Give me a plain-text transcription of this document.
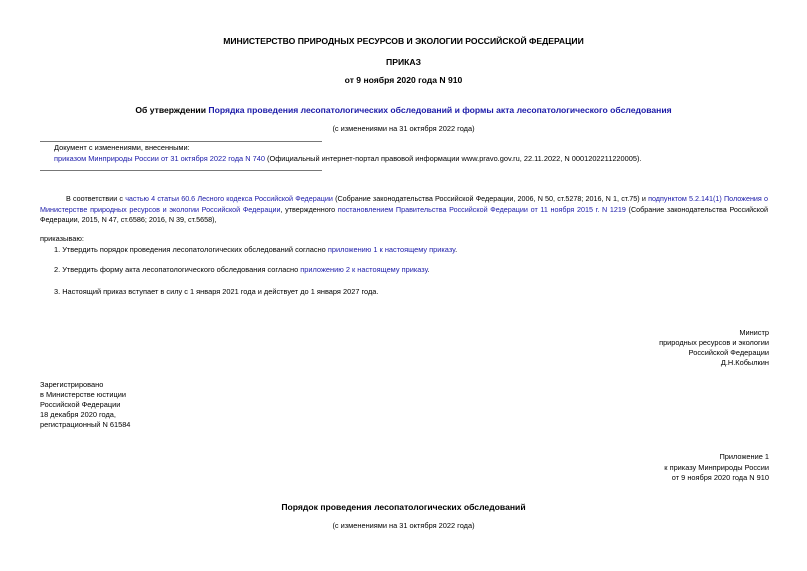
МИНИСТЕРСТВО ПРИРОДНЫХ РЕСУРСОВ И ЭКОЛОГИИ РОССИЙСКОЙ ФЕДЕРАЦИИ
ПРИКАЗ
от 9 ноября 2020 года N 910
Об утверждении Порядка проведения лесопатологических обследований и формы акта лесопатологического обследования
(с изменениями на 31 октября 2022 года)
Документ с изменениями, внесенными:
приказом Минприроды России от 31 октября 2022 года N 740 (Официальный интернет-портал правовой информации www.pravo.gov.ru, 22.11.2022, N 0001202211220005).
В соответствии с частью 4 статьи 60.6 Лесного кодекса Российской Федерации (Собрание законодательства Российской Федерации, 2006, N 50, ст.5278; 2016, N 1, ст.75) и подпунктом 5.2.141(1) Положения о Министерстве природных ресурсов и экологии Российской Федерации, утвержденного постановлением Правительства Российской Федерации от 11 ноября 2015 г. N 1219 (Собрание законодательства Российской Федерации, 2015, N 47, ст.6586; 2016, N 39, ст.5658),
приказываю:
1. Утвердить порядок проведения лесопатологических обследований согласно приложению 1 к настоящему приказу.
2. Утвердить форму акта лесопатологического обследования согласно приложению 2 к настоящему приказу.
3. Настоящий приказ вступает в силу с 1 января 2021 года и действует до 1 января 2027 года.
Министр
природных ресурсов и экологии
Российской Федерации
Д.Н.Кобылкин
Зарегистрировано
в Министерстве юстиции
Российской Федерации
18 декабря 2020 года,
регистрационный N 61584
Приложение 1
к приказу Минприроды России
от 9 ноября 2020 года N 910
Порядок проведения лесопатологических обследований
(с изменениями на 31 октября 2022 года)
